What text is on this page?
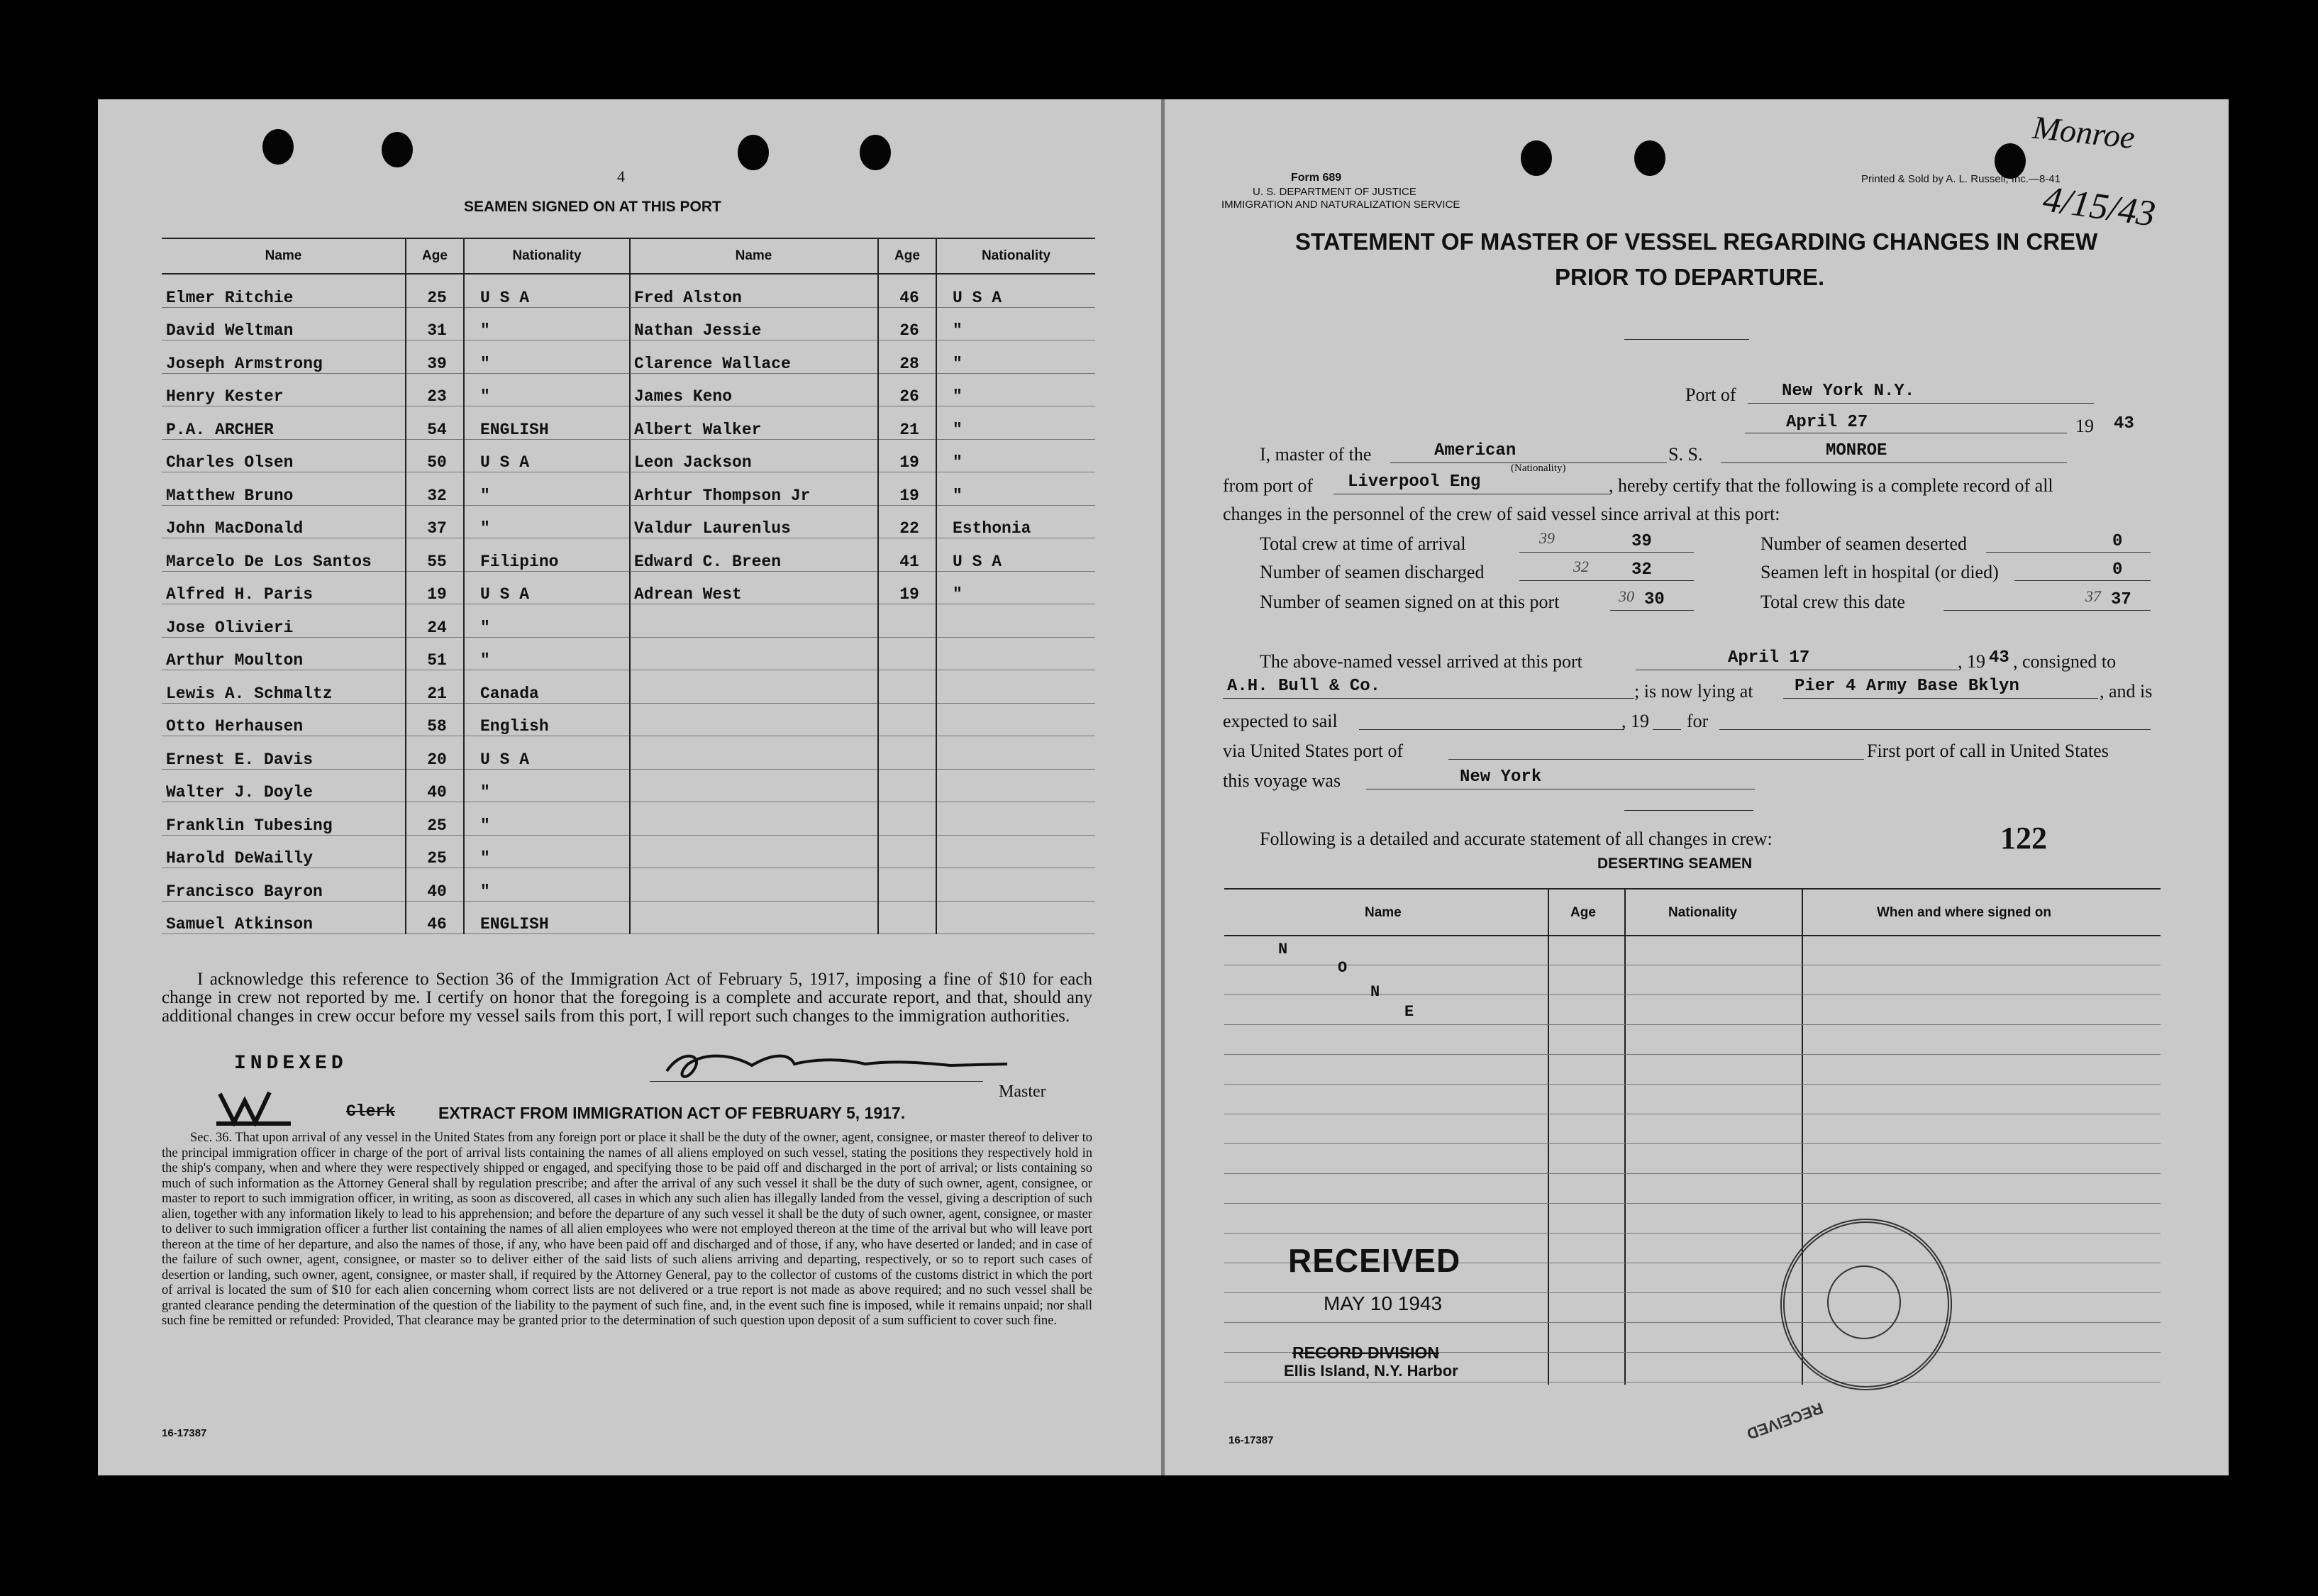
4
SEAMEN SIGNED ON AT THIS PORT
Name	Age	Nationality
Elmer Ritchie	25	U S A
David Weltman	31	"
Joseph Armstrong	39	"
Henry Kester	23	"
P.A. ARCHER	54	ENGLISH
Charles Olsen	50	U S A
Matthew Bruno	32	"
John MacDonald	37	"
Marcelo De Los Santos	55	Filipino
Alfred H. Paris	19	U S A
Jose Olivieri	24	"
Arthur Moulton	51	"
Lewis A. Schmaltz	21	Canada
Otto Herhausen	58	English
Ernest E. Davis	20	U S A
Walter J. Doyle	40	"
Franklin Tubesing	25	"
Harold DeWailly	25	"
Francisco Bayron	40	"
Samuel Atkinson	46	ENGLISH
Name	Age	Nationality
Fred Alston	46	U S A
Nathan Jessie	26	"
Clarence Wallace	28	"
James Keno	26	"
Albert Walker	21	"
Leon Jackson	19	"
Arhtur Thompson Jr	19	"
Valdur Laurenlus	22	Esthonia
Edward C. Breen	41	U S A
Adrean West	19	"

I acknowledge this reference to Section 36 of the Immigration Act of February 5, 1917, imposing a fine of $10 for each change in crew not reported by me. I certify on honor that the foregoing is a complete and accurate report, and that, should any additional changes in crew occur before my vessel sails from this port, I will report such changes to the immigration authorities.
INDEXED
Master
Clerk	EXTRACT FROM IMMIGRATION ACT OF FEBRUARY 5, 1917.
Sec. 36. That upon arrival of any vessel in the United States from any foreign port or place it shall be the duty of the owner, agent, consignee, or master thereof to deliver to the principal immigration officer in charge of the port of arrival lists containing the names of all aliens employed on such vessel, stating the positions they respectively hold in the ship's company, when and where they were respectively shipped or engaged, and specifying those to be paid off and discharged in the port of arrival; or lists containing so much of such information as the Attorney General shall by regulation prescribe; and after the arrival of any such vessel it shall be the duty of such owner, agent, consignee, or master to report to such immigration officer, in writing, as soon as discovered, all cases in which any such alien has illegally landed from the vessel, giving a description of such alien, together with any information likely to lead to his apprehension; and before the departure of any such vessel it shall be the duty of such owner, agent, consignee, or master to deliver to such immigration officer a further list containing the names of all alien employees who were not employed thereon at the time of the arrival but who will leave port thereon at the time of her departure, and also the names of those, if any, who have been paid off and discharged and of those, if any, who have deserted or landed; and in case of the failure of such owner, agent, consignee, or master so to deliver either of the said lists of such aliens arriving and departing, respectively, or so to report such cases of desertion or landing, such owner, agent, consignee, or master shall, if required by the Attorney General, pay to the collector of customs of the customs district in which the port of arrival is located the sum of $10 for each alien concerning whom correct lists are not delivered or a true report is not made as above required; and no such vessel shall be granted clearance pending the determination of the question of the liability to the payment of such fine, and, in the event such fine is imposed, while it remains unpaid; nor shall such fine be remitted or refunded: Provided, That clearance may be granted prior to the determination of such question upon deposit of a sum sufficient to cover such fine.
16-17387
Printed & Sold by A. L. Russell, Inc.—8-41
Monroe
4/15/43
Form 689
U. S. DEPARTMENT OF JUSTICE
IMMIGRATION AND NATURALIZATION SERVICE
STATEMENT OF MASTER OF VESSEL REGARDING CHANGES IN CREW
PRIOR TO DEPARTURE.
Port of	New York N.Y.
April 27	19 43
I, master of the	American
(Nationality)
S. S.	MONROE
from port of Liverpool Eng	, hereby certify that the following is a complete record of all
changes in the personnel of the crew of said vessel since arrival at this port:
Total crew at time of arrival	39	39	Number of seamen deserted	0
Number of seamen discharged	32	32	Seamen left in hospital (or died)	0
Number of seamen signed on at this port	30 30	Total crew this date	37 37
The above-named vessel arrived at this port	April 17	, 19 43 , consigned to
A.H. Bull & Co.	; is now lying at Pier 4 Army Base Bklyn	, and is
expected to sail	, 19 for
via United States port of	First port of call in United States
this voyage was	New York
Following is a detailed and accurate statement of all changes in crew:	122
DESERTING SEAMEN
Name	Age	Nationality	When and where signed on
N
O
N
E
RECEIVED
MAY 10 1943
RECORD DIVISION
Ellis Island, N.Y. Harbor
RECEIVED
16-17387
